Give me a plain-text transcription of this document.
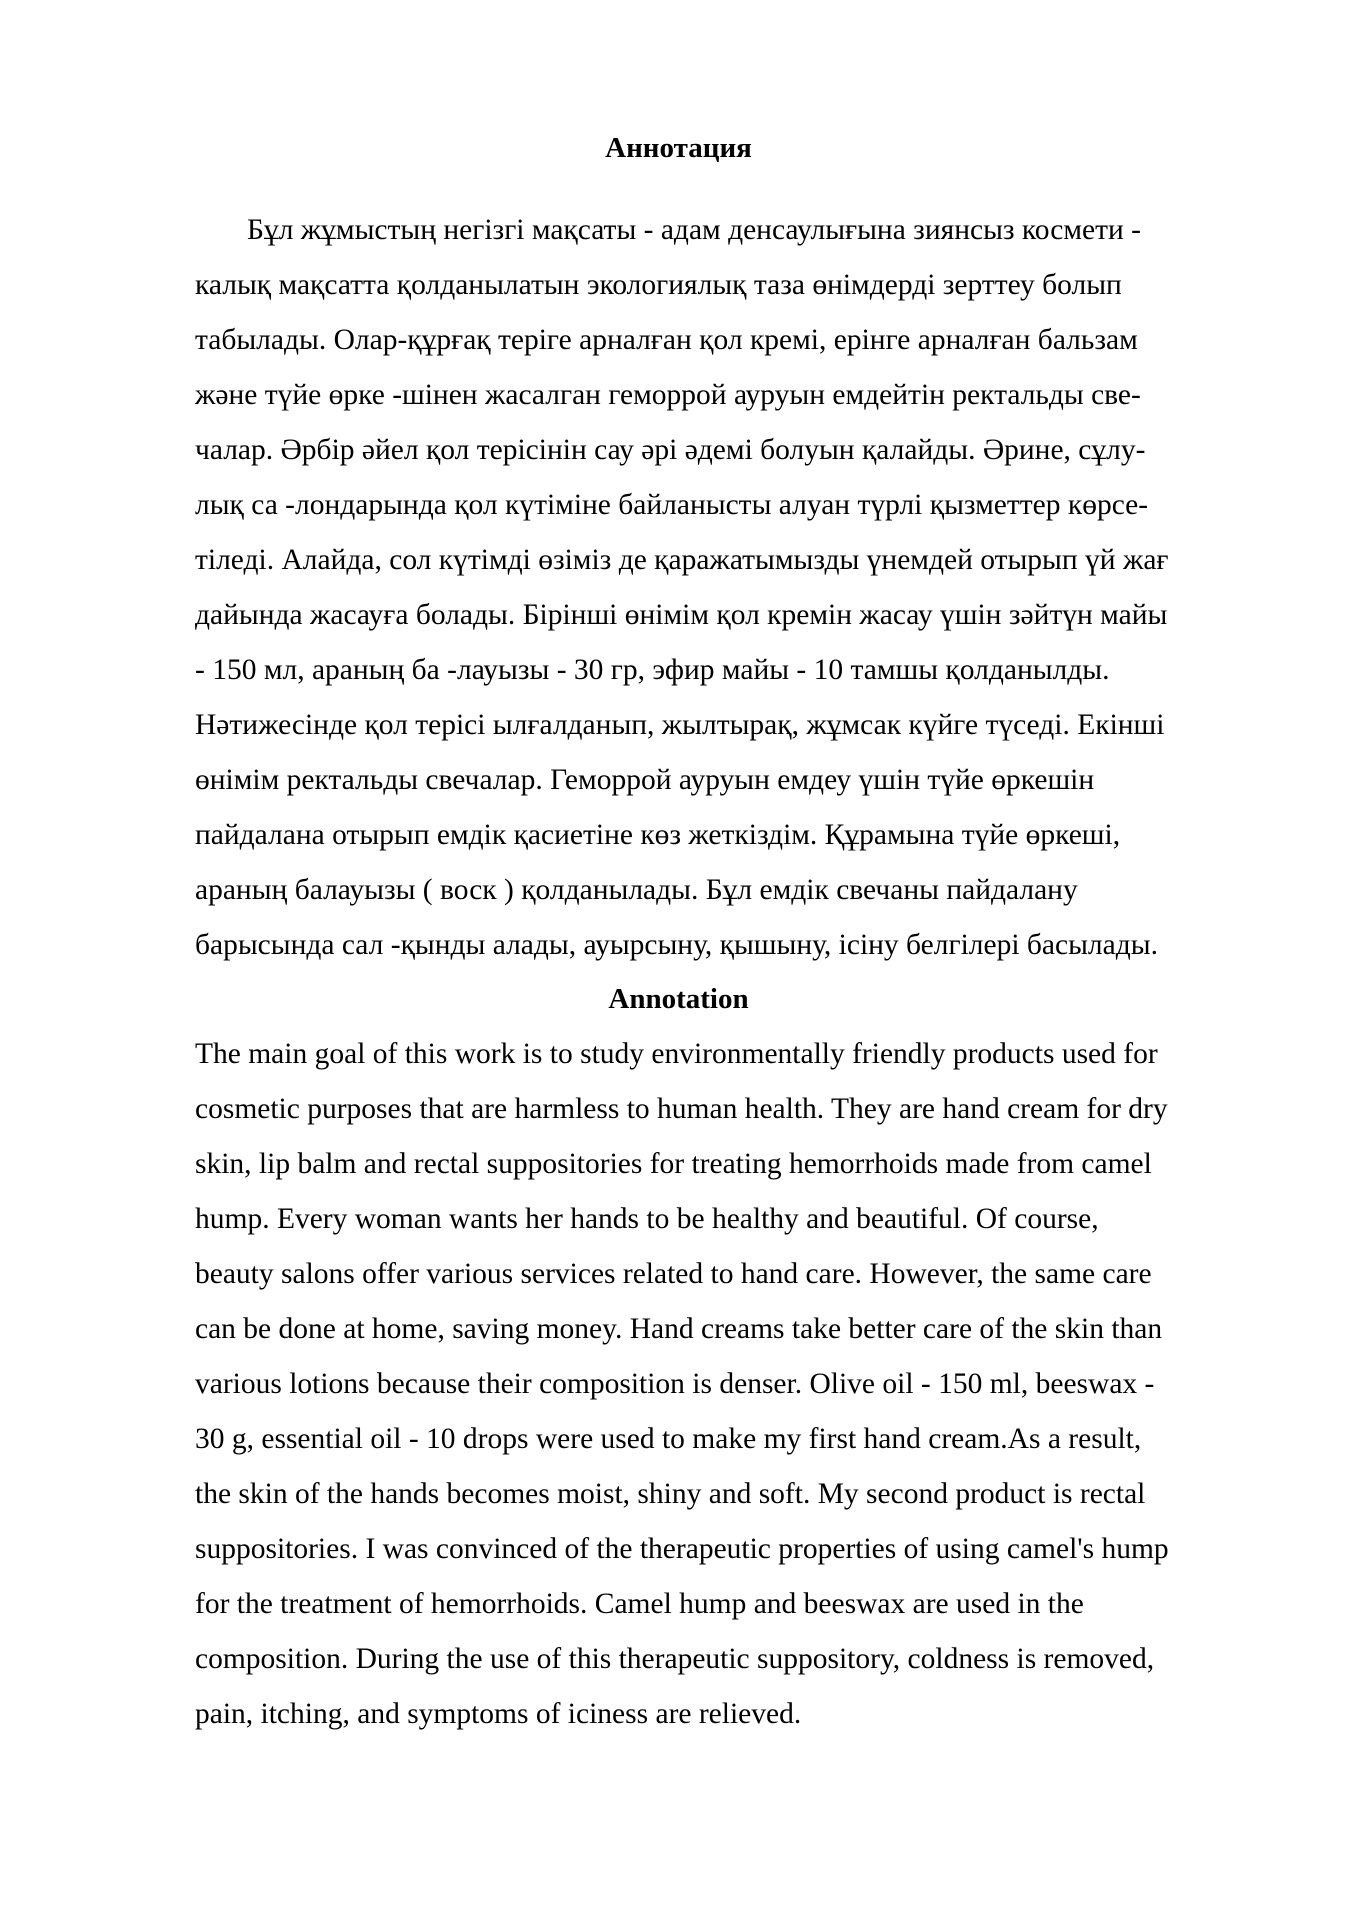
Аннотация

Бұл жұмыстың негізгі мақсаты - адам денсаулығына зиянсыз космети -

калық мақсатта қолданылатын экологиялық таза өнімдерді зерттеу болып

табылады. Олар-құрғақ теріге арналған қол кремі, ерінге арналған бальзам

және түйе өрке -шінен жасалган геморрой ауруын емдейтін ректальды све-

чалар. Әрбір әйел қол терісінін сау әрі әдемі болуын қалайды. Әрине, сұлу-

лық са -лондарында қол күтіміне байланысты алуан түрлі қызметтер көрсе-

тіледі. Алайда, сол күтімді өзіміз де қаражатымызды үнемдей отырып үй жағ

дайында жасауға болады. Бірінші өнімім қол кремін жасау үшін зәйтүн майы

- 150 мл, араның ба -лауызы - 30 гр, эфир майы - 10 тамшы қолданылды.

Нәтижесінде қол терісі ылғалданып, жылтырақ, жұмсак күйге түседі. Екінші

өнімім ректальды свечалар. Геморрой ауруын емдеу үшін түйе өркешін

пайдалана отырып емдік қасиетіне көз жеткіздім. Құрамына түйе өркеші,

араның балауызы ( воск ) қолданылады. Бұл емдік свечаны пайдалану

барысында сал -қынды алады, ауырсыну, қышыну, ісіну белгілері басылады.

Annotation

The main goal of this work is to study environmentally friendly products used for

cosmetic purposes that are harmless to human health. They are hand cream for dry

skin, lip balm and rectal suppositories for treating hemorrhoids made from camel

hump. Every woman wants her hands to be healthy and beautiful. Of course,

beauty salons offer various services related to hand care. However, the same care

can be done at home, saving money. Hand creams take better care of the skin than

various lotions because their composition is denser. Olive oil - 150 ml, beeswax -

30 g, essential oil - 10 drops were used to make my first hand cream.As a result,

the skin of the hands becomes moist, shiny and soft. My second product is rectal

suppositories. I was convinced of the therapeutic properties of using camel's hump

for the treatment of hemorrhoids. Camel hump and beeswax are used in the

composition. During the use of this therapeutic suppository, coldness is removed,

pain, itching, and symptoms of iciness are relieved.
